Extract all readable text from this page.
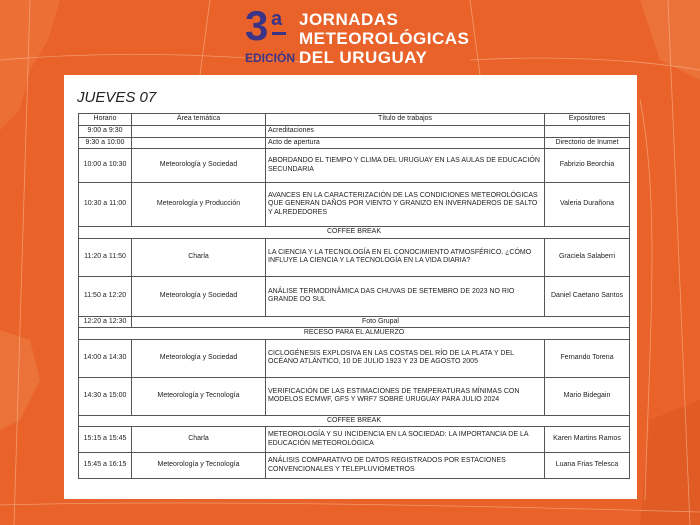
3 a
EDICIÓN
JORNADAS
METEOROLÓGICAS
DEL URUGUAY
JUEVES 07
Horario	Área temática	Título de trabajos	Expositores
9:00 a 9:30		Acreditaciones	
9:30 a 10:00		Acto de apertura	Directorio de Inumet
10:00 a 10:30	Meteorología y Sociedad	ABORDANDO EL TIEMPO Y CLIMA DEL URUGUAY EN LAS AULAS DE EDUCACIÓN SECUNDARIA	Fabrizio Beorchia
10:30 a 11:00	Meteorología y Producción	AVANCES EN LA CARACTERIZACIÓN DE LAS CONDICIONES METEOROLÓGICAS QUE GENERAN DAÑOS POR VIENTO Y GRANIZO EN INVERNADEROS DE SALTO Y ALREDEDORES	Valeria Durañona
COFFEE BREAK			
11:20 a 11:50	Charla	LA CIENCIA Y LA TECNOLOGÍA EN EL CONOCIMIENTO ATMOSFÉRICO. ¿CÓMO INFLUYE LA CIENCIA Y LA TECNOLOGÍA EN LA VIDA DIARIA?	Graciela Salaberri
11:50 a 12:20	Meteorología y Sociedad	ANÁLISE TERMODINÂMICA DAS CHUVAS DE SETEMBRO DE 2023 NO RIO GRANDE DO SUL	Daniel Caetano Santos
12:20 a 12:30	Foto Grupal		
RECESO PARA EL ALMUERZO			
14:00 a 14:30	Meteorología y Sociedad	CICLOGÉNESIS EXPLOSIVA EN LAS COSTAS DEL RÍO DE LA PLATA Y DEL OCÉANO ATLÁNTICO, 10 DE JULIO 1923 Y 23 DE AGOSTO 2005	Fernando Torena
14:30 a 15:00	Meteorología y Tecnología	VERIFICACIÓN DE LAS ESTIMACIONES DE TEMPERATURAS MÍNIMAS CON MODELOS ECMWF, GFS Y WRF7 SOBRE URUGUAY PARA JULIO 2024	Mario Bidegain
COFFEE BREAK			
15:15 a 15:45	Charla	METEOROLOGÍA Y SU INCIDENCIA EN LA SOCIEDAD: LA IMPORTANCIA DE LA EDUCACIÓN METEOROLÓGICA	Karen Martins Ramos
15:45 a 16:15	Meteorología y Tecnología	ANÁLISIS COMPARATIVO DE DATOS REGISTRADOS POR ESTACIONES CONVENCIONALES Y TELEPLUVIÓMETROS	Luana Frias Telesca
